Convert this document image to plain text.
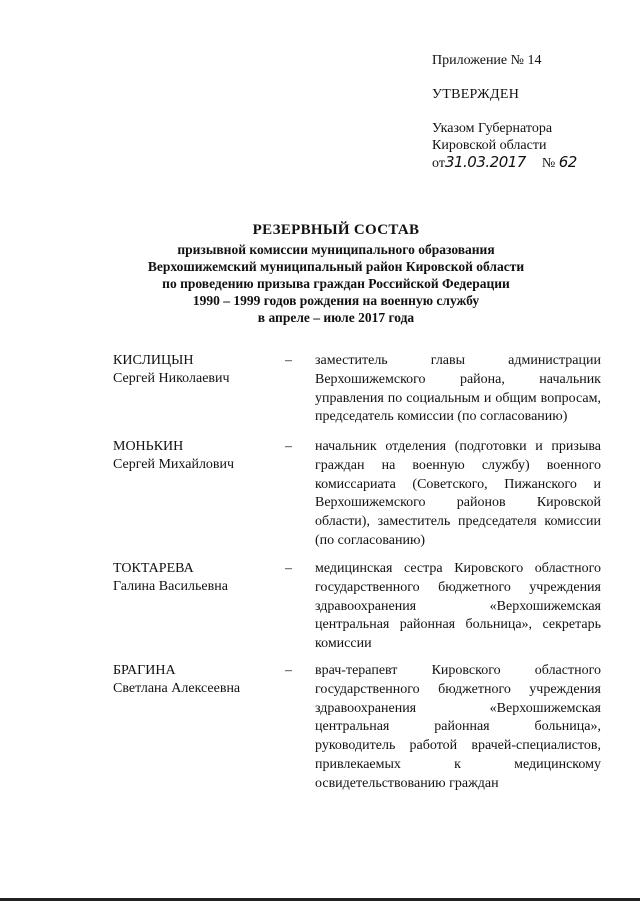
Приложение № 14
УТВЕРЖДЕН
Указом Губернатора
Кировской области
от31.03.2017 № 62
РЕЗЕРВНЫЙ СОСТАВ
призывной комиссии муниципального образования
Верхошижемский муниципальный район Кировской области
по проведению призыва граждан Российской Федерации
1990 – 1999 годов рождения на военную службу
в апреле – июле 2017 года
КИСЛИЦЫН
Сергей Николаевич
– заместитель главы администрации Верхошижемского района, начальник управления по социальным и общим вопросам, председатель комиссии (по согласованию)
МОНЬКИН
Сергей Михайлович
– начальник отделения (подготовки и призыва граждан на военную службу) военного комиссариата (Советского, Пижанского и Верхошижемского районов Кировской области), заместитель председателя комиссии (по согласованию)
ТОКТАРЕВА
Галина Васильевна
– медицинская сестра Кировского областного государственного бюджетного учреждения здравоохранения «Верхошижемская центральная районная больница», секретарь комиссии
БРАГИНА
Светлана Алексеевна
– врач-терапевт Кировского областного государственного бюджетного учреждения здравоохранения «Верхошижемская центральная районная больница», руководитель работой врачей-специалистов, привлекаемых к медицинскому освидетельствованию граждан
